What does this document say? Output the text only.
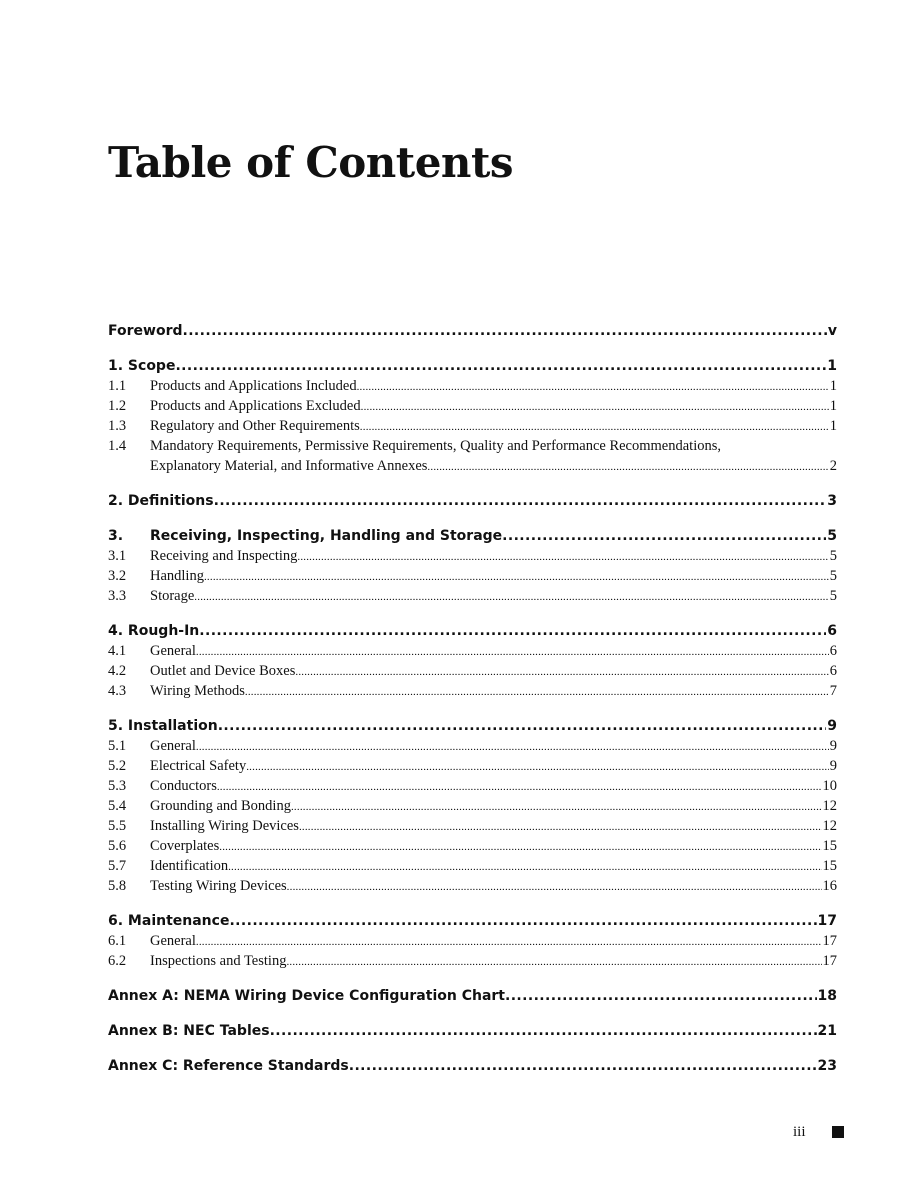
Table of Contents
Foreword .....	v
1. Scope .....	1
1.1	Products and Applications Included .....	1
1.2	Products and Applications Excluded .....	1
1.3	Regulatory and Other Requirements .....	1
1.4	Mandatory Requirements, Permissive Requirements, Quality and Performance Recommendations,
Explanatory Material, and Informative Annexes .....	2
2. Definitions .....	3
3.	Receiving, Inspecting, Handling and Storage .....	5
3.1	Receiving and Inspecting .....	5
3.2	Handling .....	5
3.3	Storage .....	5
4. Rough-In .....	6
4.1	General .....	6
4.2	Outlet and Device Boxes .....	6
4.3	Wiring Methods .....	7
5. Installation .....	9
5.1	General .....	9
5.2	Electrical Safety .....	9
5.3	Conductors .....	10
5.4	Grounding and Bonding .....	12
5.5	Installing Wiring Devices .....	12
5.6	Coverplates .....	15
5.7	Identification .....	15
5.8	Testing Wiring Devices .....	16
6. Maintenance .....	17
6.1	General .....	17
6.2	Inspections and Testing .....	17
Annex A: NEMA Wiring Device Configuration Chart .....	18
Annex B: NEC Tables .....	21
Annex C: Reference Standards .....	23
iii
